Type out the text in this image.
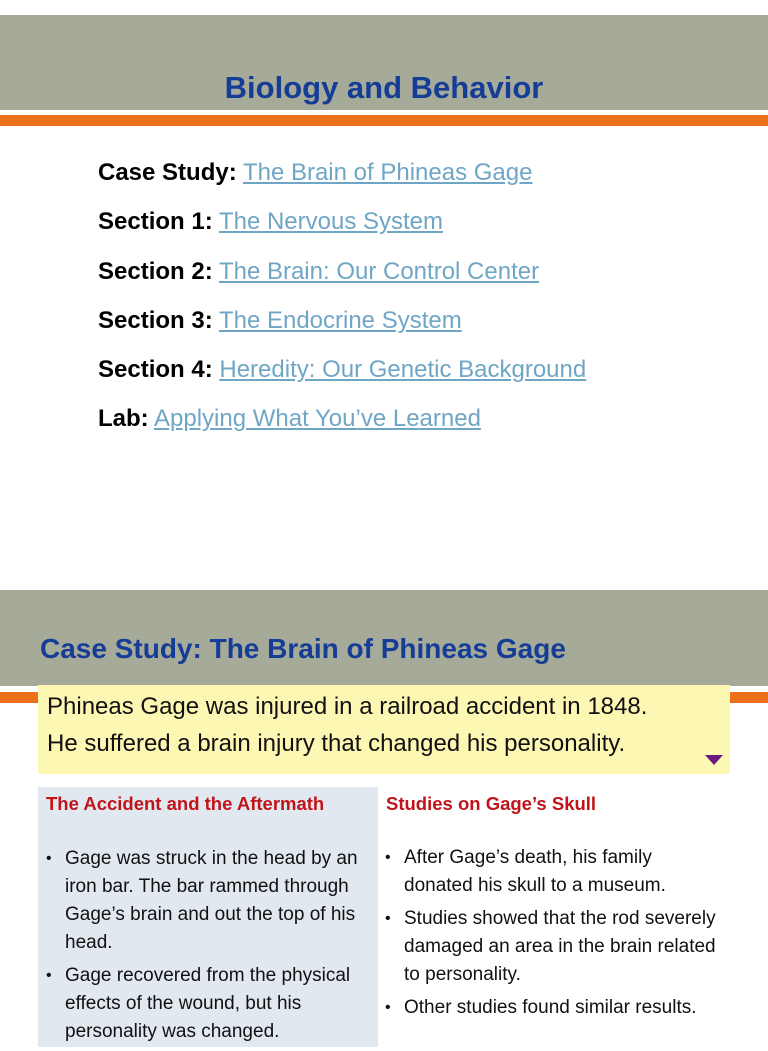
Biology and Behavior
Case Study: The Brain of Phineas Gage
Section 1: The Nervous System
Section 2: The Brain: Our Control Center
Section 3: The Endocrine System
Section 4: Heredity: Our Genetic Background
Lab: Applying What You’ve Learned
Case Study: The Brain of Phineas Gage
Phineas Gage was injured in a railroad accident in 1848.
He suffered a brain injury that changed his personality.
The Accident and the Aftermath
• Gage was struck in the head by an iron bar. The bar rammed through Gage’s brain and out the top of his head.
• Gage recovered from the physical effects of the wound, but his personality was changed.
Studies on Gage’s Skull
• After Gage’s death, his family donated his skull to a museum.
• Studies showed that the rod severely damaged an area in the brain related to personality.
• Other studies found similar results.
